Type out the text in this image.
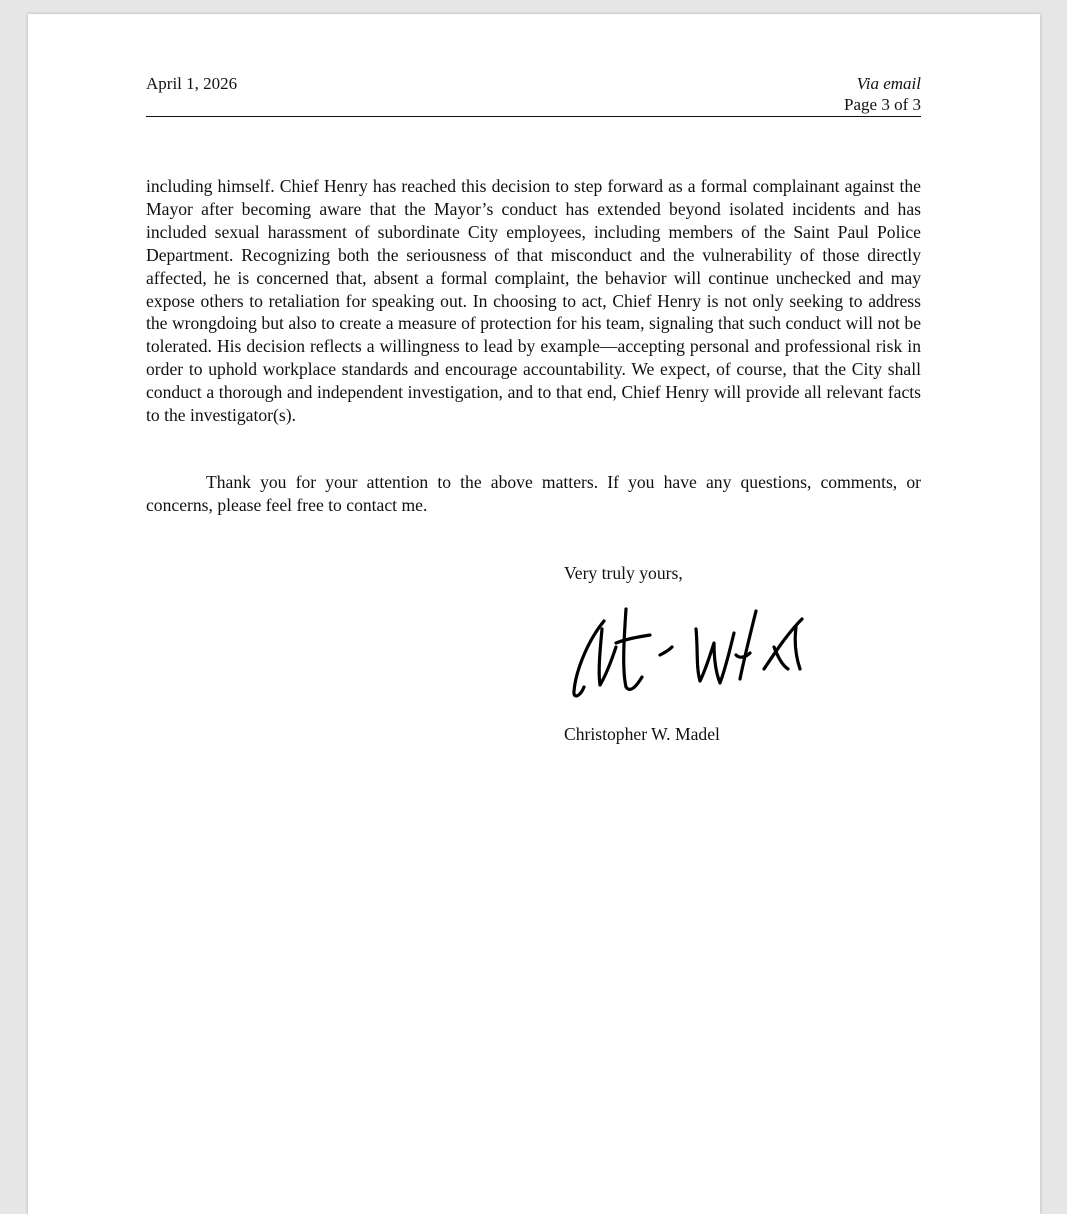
April 1, 2026	Via email
Page 3 of 3

including himself. Chief Henry has reached this decision to step forward as a formal complainant against the Mayor after becoming aware that the Mayor’s conduct has extended beyond isolated incidents and has included sexual harassment of subordinate City employees, including members of the Saint Paul Police Department. Recognizing both the seriousness of that misconduct and the vulnerability of those directly affected, he is concerned that, absent a formal complaint, the behavior will continue unchecked and may expose others to retaliation for speaking out. In choosing to act, Chief Henry is not only seeking to address the wrongdoing but also to create a measure of protection for his team, signaling that such conduct will not be tolerated. His decision reflects a willingness to lead by example—accepting personal and professional risk in order to uphold workplace standards and encourage accountability. We expect, of course, that the City shall conduct a thorough and independent investigation, and to that end, Chief Henry will provide all relevant facts to the investigator(s).

Thank you for your attention to the above matters. If you have any questions, comments, or concerns, please feel free to contact me.

Very truly yours,
Christopher W. Madel
